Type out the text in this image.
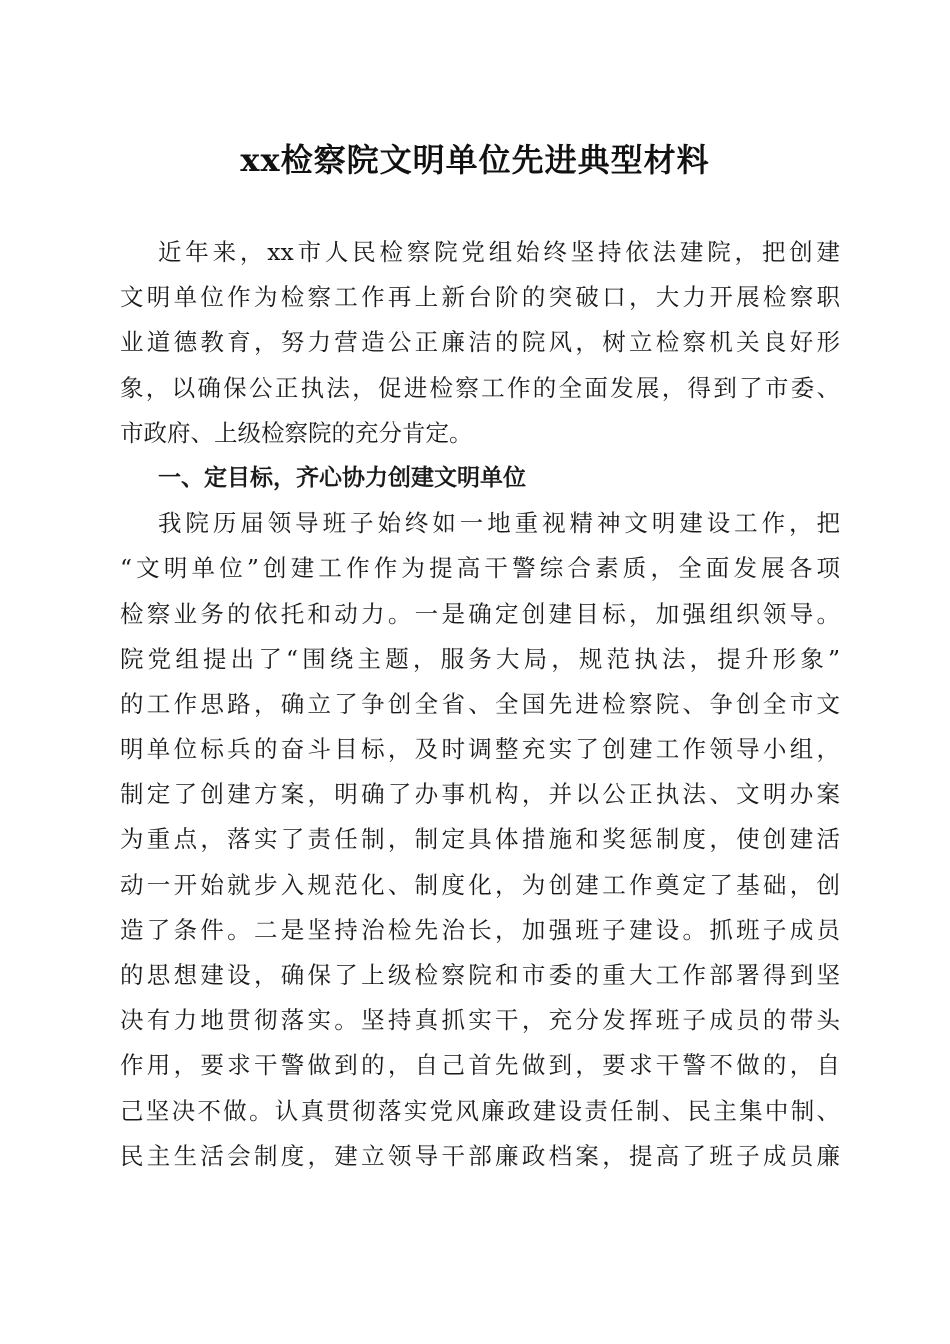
xx检察院文明单位先进典型材料
近年来，xx市人民检察院党组始终坚持依法建院，把创建
文明单位作为检察工作再上新台阶的突破口，大力开展检察职
业道德教育，努力营造公正廉洁的院风，树立检察机关良好形
象，以确保公正执法，促进检察工作的全面发展，得到了市委、
市政府、上级检察院的充分肯定。
一、定目标，齐心协力创建文明单位
我院历届领导班子始终如一地重视精神文明建设工作，把
“文明单位”创建工作作为提高干警综合素质，全面发展各项
检察业务的依托和动力。一是确定创建目标，加强组织领导。
院党组提出了“围绕主题，服务大局，规范执法，提升形象”
的工作思路，确立了争创全省、全国先进检察院、争创全市文
明单位标兵的奋斗目标，及时调整充实了创建工作领导小组，
制定了创建方案，明确了办事机构，并以公正执法、文明办案
为重点，落实了责任制，制定具体措施和奖惩制度，使创建活
动一开始就步入规范化、制度化，为创建工作奠定了基础，创
造了条件。二是坚持治检先治长，加强班子建设。抓班子成员
的思想建设，确保了上级检察院和市委的重大工作部署得到坚
决有力地贯彻落实。坚持真抓实干，充分发挥班子成员的带头
作用，要求干警做到的，自己首先做到，要求干警不做的，自
己坚决不做。认真贯彻落实党风廉政建设责任制、民主集中制、
民主生活会制度，建立领导干部廉政档案，提高了班子成员廉
